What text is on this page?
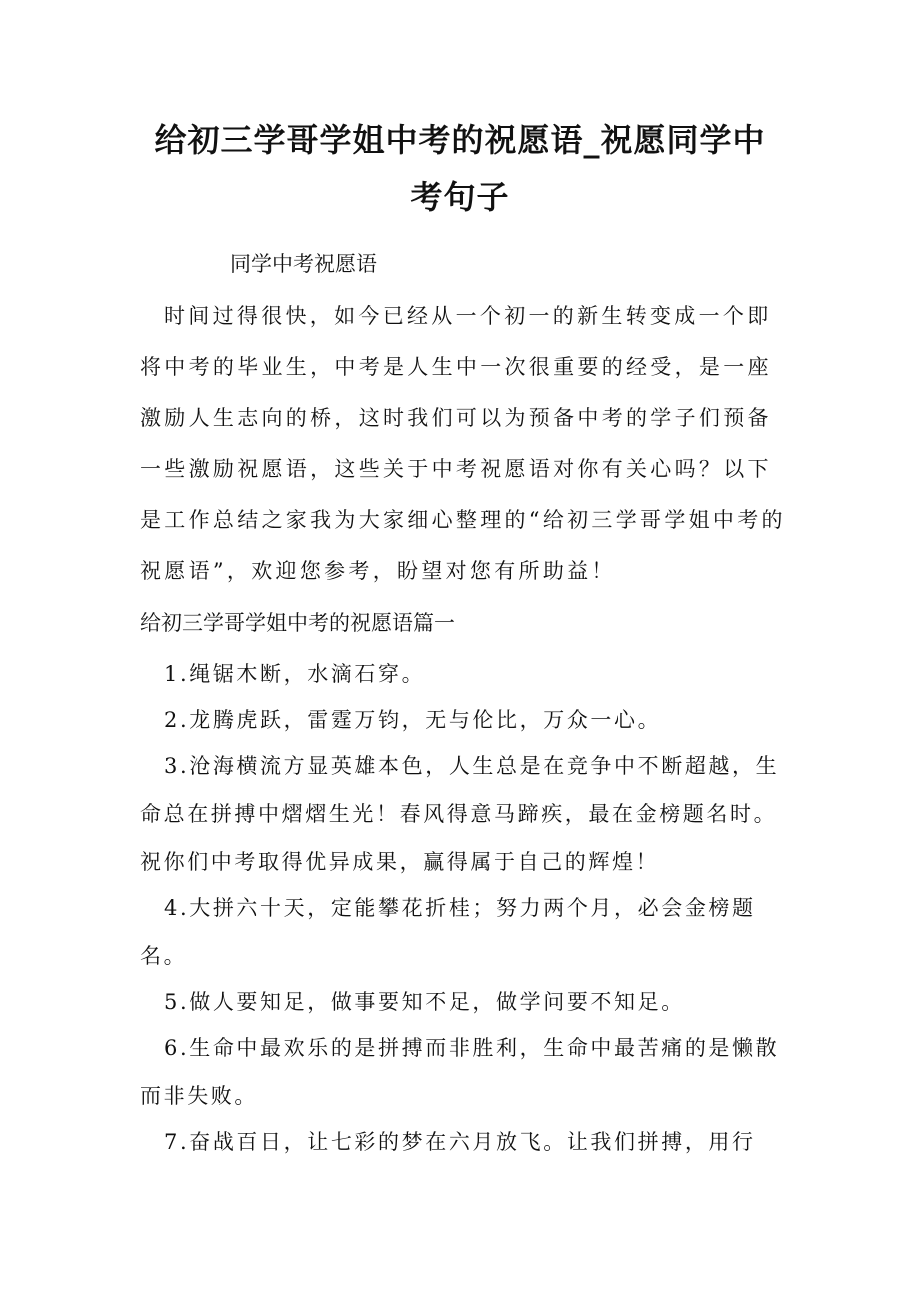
给初三学哥学姐中考的祝愿语_祝愿同学中
考句子
同学中考祝愿语

时间过得很快，如今已经从一个初一的新生转变成一个即将中考的毕业生，中考是人生中一次很重要的经受，是一座激励人生志向的桥，这时我们可以为预备中考的学子们预备一些激励祝愿语，这些关于中考祝愿语对你有关心吗？以下是工作总结之家我为大家细心整理的“给初三学哥学姐中考的祝愿语”，欢迎您参考，盼望对您有所助益！

给初三学哥学姐中考的祝愿语篇一

1.绳锯木断，水滴石穿。

2.龙腾虎跃，雷霆万钧，无与伦比，万众一心。

3.沧海横流方显英雄本色，人生总是在竞争中不断超越，生命总在拼搏中熠熠生光！春风得意马蹄疾，最在金榜题名时。祝你们中考取得优异成果，赢得属于自己的辉煌！

4.大拼六十天，定能攀花折桂；努力两个月，必会金榜题名。

5.做人要知足，做事要知不足，做学问要不知足。

6.生命中最欢乐的是拼搏而非胜利，生命中最苦痛的是懒散而非失败。

7.奋战百日，让七彩的梦在六月放飞。让我们拼搏，用行
